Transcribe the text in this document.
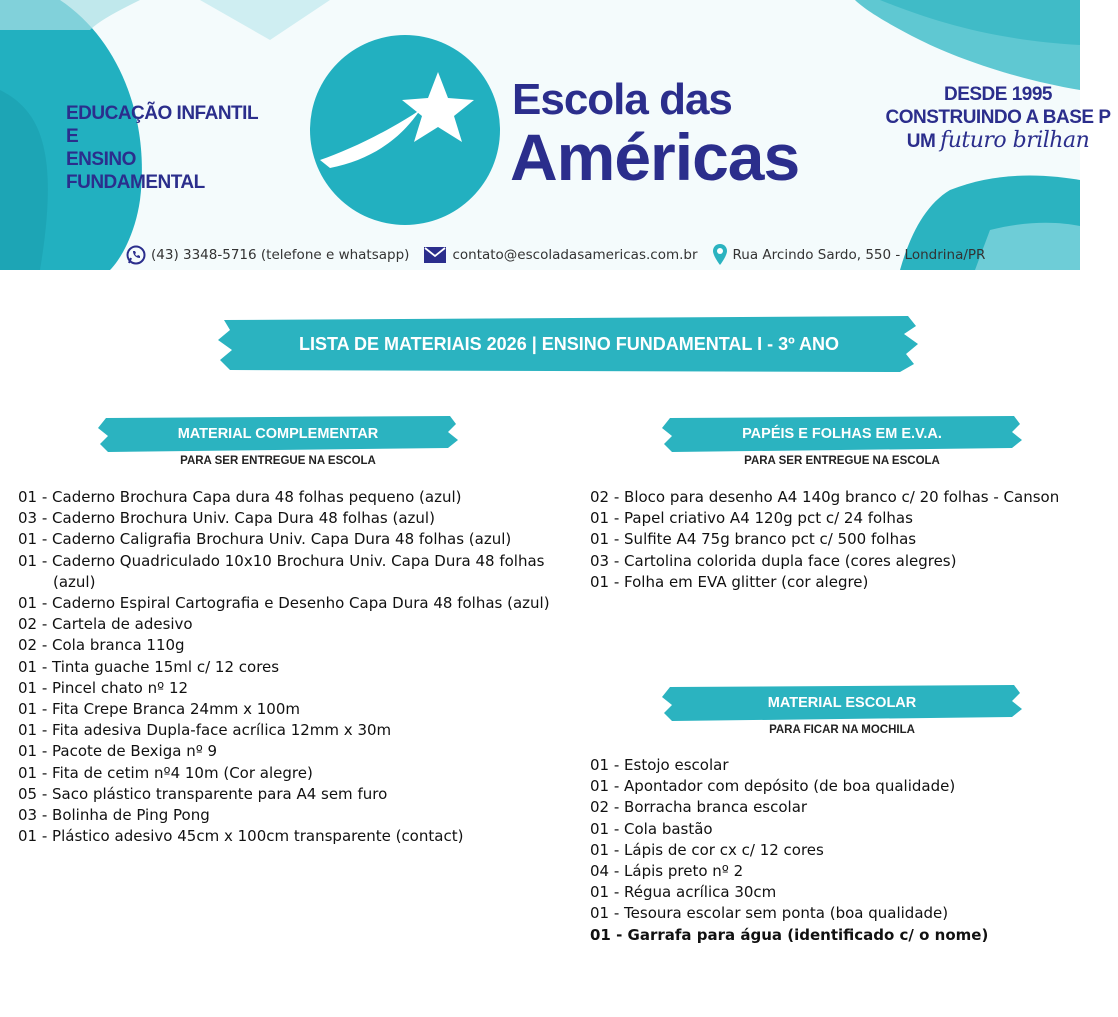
EDUCAÇÃO INFANTIL E
ENSINO FUNDAMENTAL
Escola das
Américas
DESDE 1995
CONSTRUINDO A BASE P
UM futuro brilhan
(43) 3348-5716 (telefone e whatsapp)	contato@escoladasamericas.com.br	Rua Arcindo Sardo, 550 - Londrina/PR
LISTA DE MATERIAIS 2026 | ENSINO FUNDAMENTAL I - 3º ANO
MATERIAL COMPLEMENTAR
PARA SER ENTREGUE NA ESCOLA
01 - Caderno Brochura Capa dura 48 folhas pequeno (azul)
03 - Caderno Brochura Univ. Capa Dura 48 folhas (azul)
01 - Caderno Caligrafia Brochura Univ. Capa Dura 48 folhas (azul)
01 - Caderno Quadriculado 10x10 Brochura Univ. Capa Dura 48 folhas (azul)
01 - Caderno Espiral Cartografia e Desenho Capa Dura 48 folhas (azul)
02 - Cartela de adesivo
02 - Cola branca 110g
01 - Tinta guache 15ml c/ 12 cores
01 - Pincel chato nº 12
01 - Fita Crepe Branca 24mm x 100m
01 - Fita adesiva Dupla-face acrílica 12mm x 30m
01 - Pacote de Bexiga nº 9
01 - Fita de cetim nº4 10m (Cor alegre)
05 - Saco plástico transparente para A4 sem furo
03 - Bolinha de Ping Pong
01 - Plástico adesivo 45cm x 100cm transparente (contact)
PAPÉIS E FOLHAS EM E.V.A.
PARA SER ENTREGUE NA ESCOLA
02 - Bloco para desenho A4 140g branco c/ 20 folhas - Canson
01 - Papel criativo A4 120g pct c/ 24 folhas
01 - Sulfite A4 75g branco pct c/ 500 folhas
03 - Cartolina colorida dupla face (cores alegres)
01 - Folha em EVA glitter (cor alegre)
MATERIAL ESCOLAR
PARA FICAR NA MOCHILA
01 - Estojo escolar
01 - Apontador com depósito (de boa qualidade)
02 - Borracha branca escolar
01 - Cola bastão
01 - Lápis de cor cx c/ 12 cores
04 - Lápis preto nº 2
01 - Régua acrílica 30cm
01 - Tesoura escolar sem ponta (boa qualidade)
01 - Garrafa para água (identificado c/ o nome)
